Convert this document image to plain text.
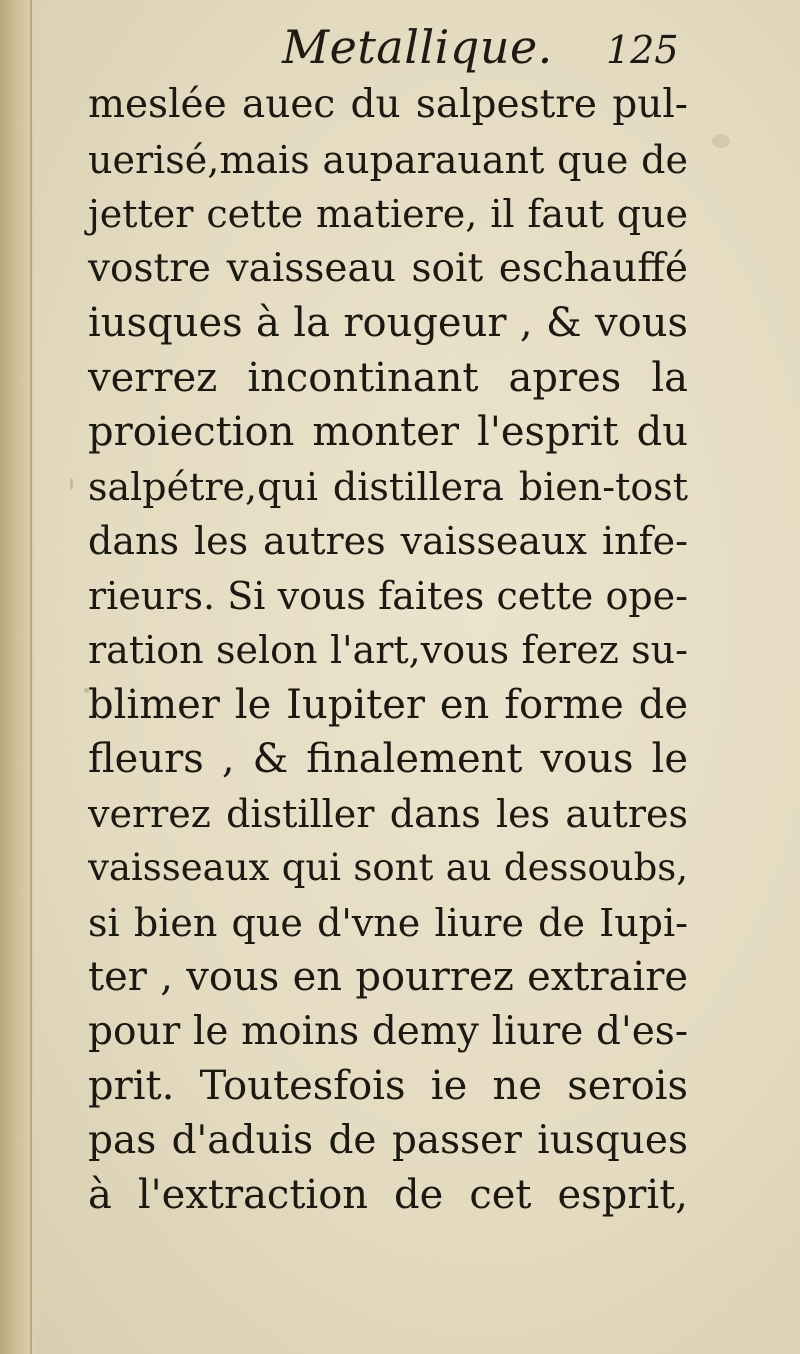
Metallique. 125
meslée auec du salpestre pul-
uerisé,mais auparauant que de
jetter cette matiere, il faut que
vostre vaisseau soit eschauffé
iusques à la rougeur , & vous
verrez incontinant apres la
proiection monter l'esprit du
salpétre,qui distillera bien-tost
dans les autres vaisseaux infe-
rieurs. Si vous faites cette ope-
ration selon l'art,vous ferez su-
blimer le Iupiter en forme de
fleurs , & finalement vous le
verrez distiller dans les autres
vaisseaux qui sont au dessoubs,
si bien que d'vne liure de Iupi-
ter , vous en pourrez extraire
pour le moins demy liure d'es-
prit. Toutesfois ie ne serois
pas d'aduis de passer iusques
à l'extraction de cet esprit,
